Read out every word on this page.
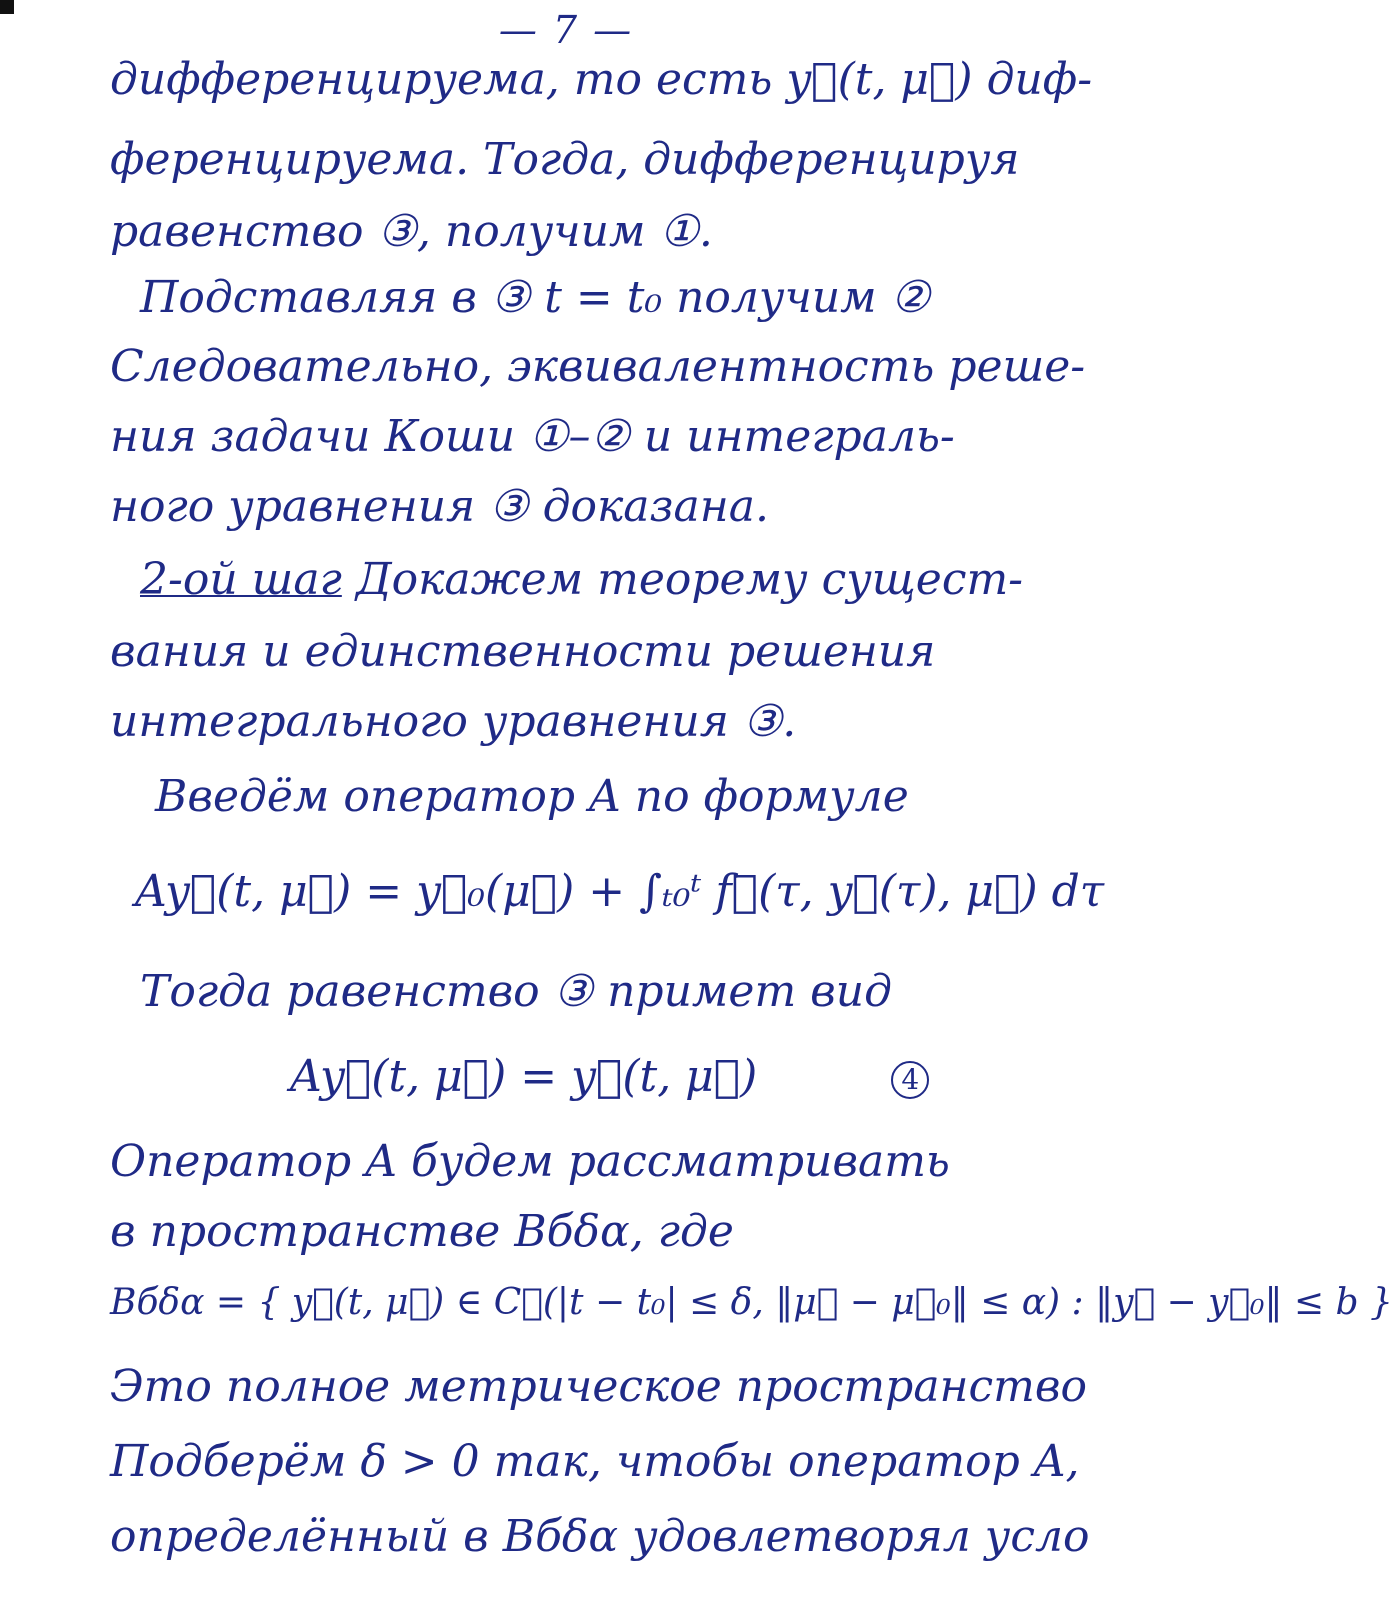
— 7 —
дифференцируема, то есть y⃗(t, μ⃗) диф-
ференцируема. Тогда, дифференцируя
равенство ③, получим ①.
Подставляя в ③ t = t₀ получим ②
Следовательно, эквивалентность реше-
ния задачи Коши ①–② и интеграль-
ного уравнения ③ доказана.
2-ой шаг Докажем теорему сущест-
вания и единственности решения
интегрального уравнения ③.
Введём оператор A по формуле
Ay⃗(t, μ⃗) = y⃗₀(μ⃗) + ∫ₜ₀ᵗ f⃗(τ, y⃗(τ), μ⃗) dτ
Тогда равенство ③ примет вид
Ay⃗(t, μ⃗) = y⃗(t, μ⃗)	4
Оператор A будем рассматривать
в пространстве Bбδα, где
Bбδα = { y⃗(t, μ⃗) ∈ C⃗(|t − t₀| ≤ δ, ‖μ⃗ − μ⃗₀‖ ≤ α) : ‖y⃗ − y⃗₀‖ ≤ b }
Это полное метрическое пространство
Подберём δ > 0 так, чтобы оператор A,
определённый в Bбδα удовлетворял усло
